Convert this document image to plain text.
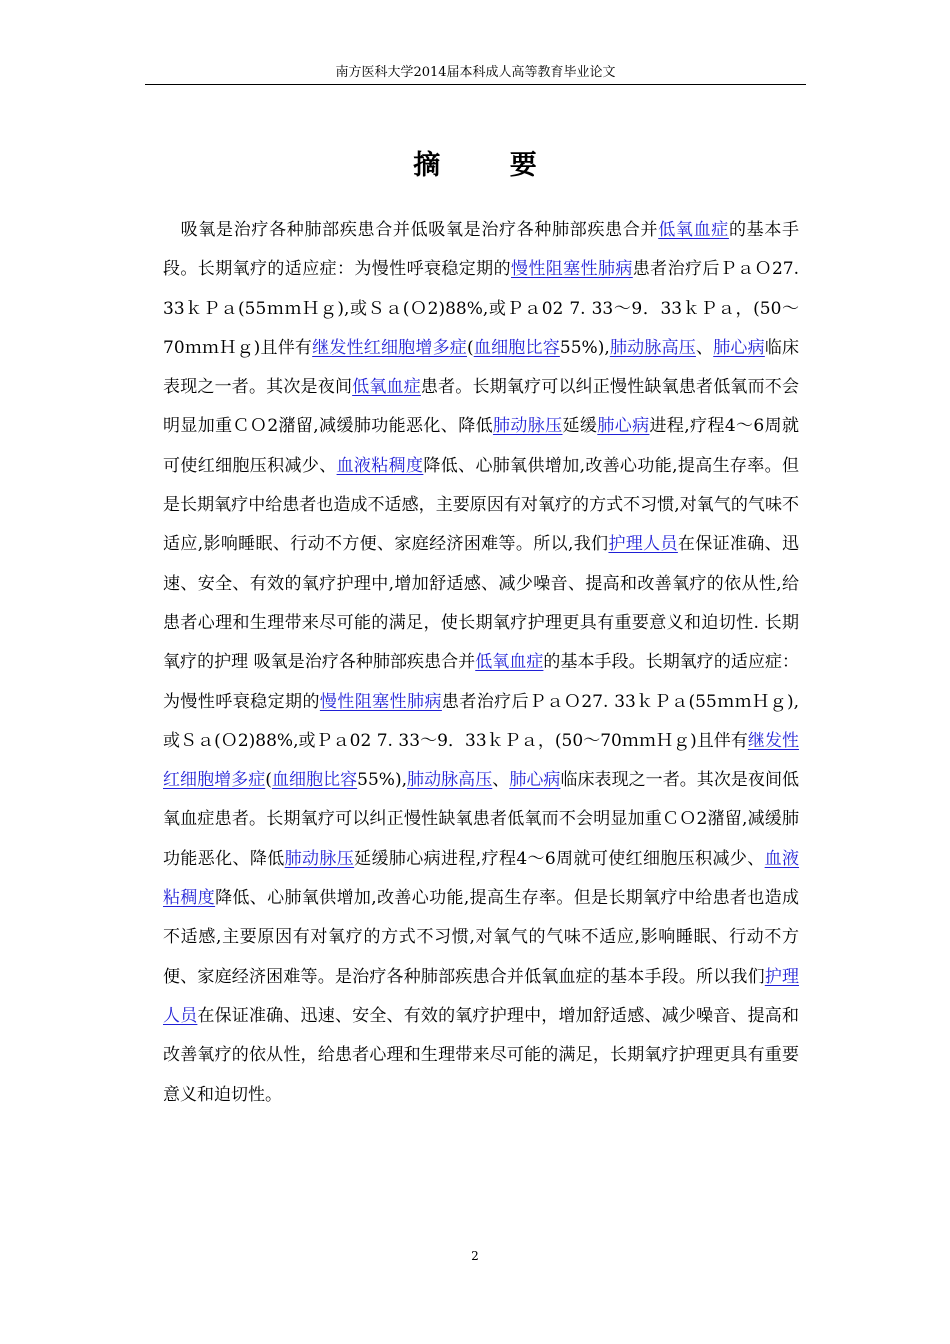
南方医科大学2014届本科成人高等教育毕业论文
摘 要

　吸氧是治疗各种肺部疾患合并低吸氧是治疗各种肺部疾患合并低氧血症的基本手段。长期氧疗的适应症：为慢性呼衰稳定期的慢性阻塞性肺病患者治疗后ＰａＯ27. 33ｋＰａ(55ｍｍＨｇ),或Ｓａ(Ｏ2)88%,或Ｐａ02 7. 33～9．33ｋＰａ，(50～70ｍｍＨｇ)且伴有继发性红细胞增多症(血细胞比容55%),肺动脉高压、肺心病临床表现之一者。其次是夜间低氧血症患者。长期氧疗可以纠正慢性缺氧患者低氧而不会明显加重ＣＯ2潴留,减缓肺功能恶化、降低肺动脉压延缓肺心病进程,疗程4～6周就可使红细胞压积减少、血液粘稠度降低、心肺氧供增加,改善心功能,提高生存率。但是长期氧疗中给患者也造成不适感，主要原因有对氧疗的方式不习惯,对氧气的气味不适应,影响睡眠、行动不方便、家庭经济困难等。所以,我们护理人员在保证准确、迅速、安全、有效的氧疗护理中,增加舒适感、减少噪音、提高和改善氧疗的依从性,给患者心理和生理带来尽可能的满足，使长期氧疗护理更具有重要意义和迫切性. 长期氧疗的护理 吸氧是治疗各种肺部疾患合并低氧血症的基本手段。长期氧疗的适应症：为慢性呼衰稳定期的慢性阻塞性肺病患者治疗后ＰａＯ27. 33ｋＰａ(55ｍｍＨｇ),或Ｓａ(Ｏ2)88%,或Ｐａ02 7. 33～9．33ｋＰａ，(50～70ｍｍＨｇ)且伴有继发性红细胞增多症(血细胞比容55%),肺动脉高压、肺心病临床表现之一者。其次是夜间低氧血症患者。长期氧疗可以纠正慢性缺氧患者低氧而不会明显加重ＣＯ2潴留,减缓肺功能恶化、降低肺动脉压延缓肺心病进程,疗程4～6周就可使红细胞压积减少、血液粘稠度降低、心肺氧供增加,改善心功能,提高生存率。但是长期氧疗中给患者也造成不适感,主要原因有对氧疗的方式不习惯,对氧气的气味不适应,影响睡眠、行动不方便、家庭经济困难等。是治疗各种肺部疾患合并低氧血症的基本手段。所以我们护理人员在保证准确、迅速、安全、有效的氧疗护理中，增加舒适感、减少噪音、提高和改善氧疗的依从性，给患者心理和生理带来尽可能的满足，长期氧疗护理更具有重要意义和迫切性。

2
